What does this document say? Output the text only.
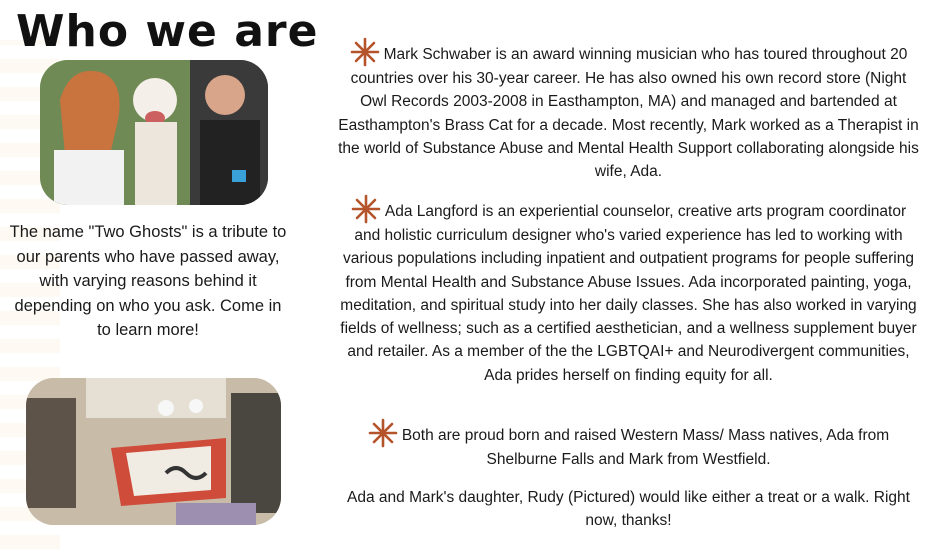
Who we are

The name "Two Ghosts" is a tribute to our parents who have passed away, with varying reasons behind it depending on who you ask. Come in to learn more!

Mark Schwaber is an award winning musician who has toured throughout 20 countries over his 30-year career. He has also owned his own record store (Night Owl Records 2003-2008 in Easthampton, MA) and managed and bartended at Easthampton's Brass Cat for a decade. Most recently, Mark worked as a Therapist in the world of Substance Abuse and Mental Health Support collaborating alongside his wife, Ada.

Ada Langford is an experiential counselor, creative arts program coordinator and holistic curriculum designer who's varied experience has led to working with various populations including inpatient and outpatient programs for people suffering from Mental Health and Substance Abuse Issues. Ada incorporated painting, yoga, meditation, and spiritual study into her daily classes. She has also worked in varying fields of wellness; such as a certified aesthetician, and a wellness supplement buyer and retailer. As a member of the the LGBTQAI+ and Neurodivergent communities, Ada prides herself on finding equity for all.

Both are proud born and raised Western Mass/ Mass natives, Ada from Shelburne Falls and Mark from Westfield.

Ada and Mark's daughter, Rudy (Pictured) would like either a treat or a walk. Right now, thanks!
